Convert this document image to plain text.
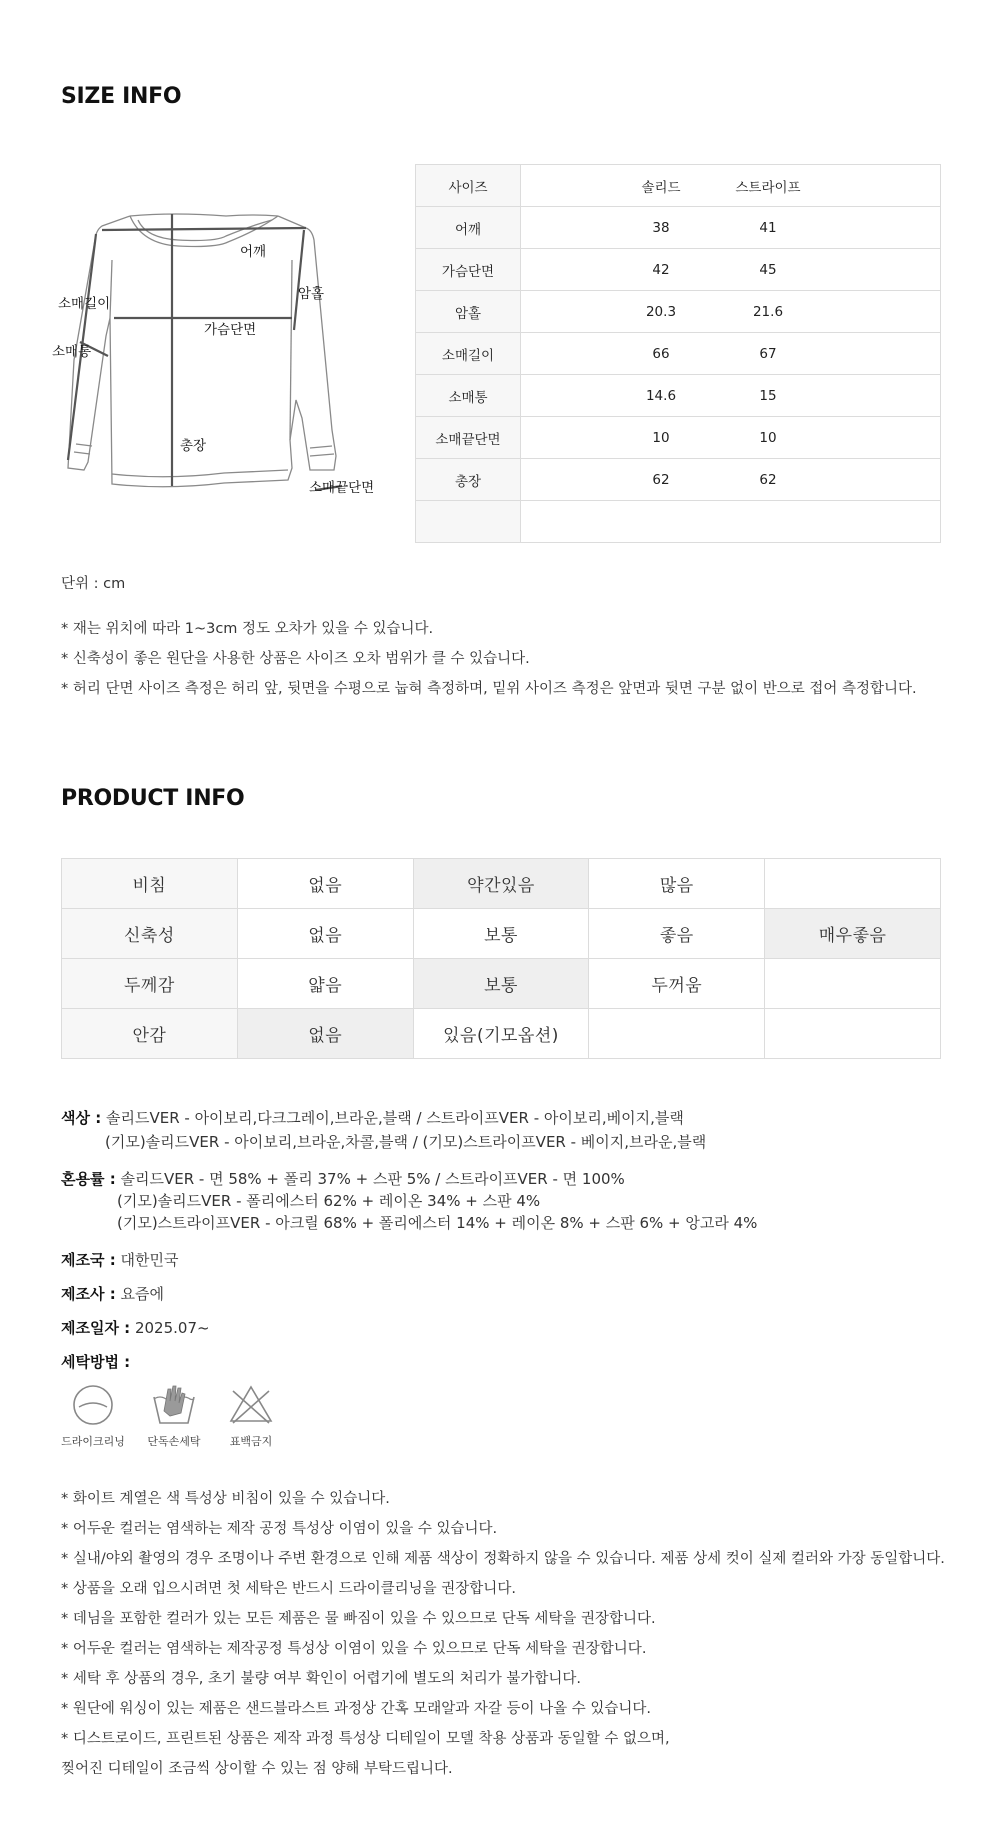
SIZE INFO
어깨
암홀
소매길이
가슴단면
소매통
총장
소매끝단면
사이즈	솔리드 스트라이프

어깨	38 41

가슴단면	42 45

암홀	20.3 21.6

소매길이	66 67

소매통	14.6 15

소매끝단면	10 10

총장	62 62

단위 : cm
* 재는 위치에 따라 1~3cm 정도 오차가 있을 수 있습니다.
* 신축성이 좋은 원단을 사용한 상품은 사이즈 오차 범위가 클 수 있습니다.
* 허리 단면 사이즈 측정은 허리 앞, 뒷면을 수평으로 눕혀 측정하며, 밑위 사이즈 측정은 앞면과 뒷면 구분 없이 반으로 접어 측정합니다.
PRODUCT INFO
비침	없음	약간있음	많음	
신축성	없음	보통	좋음	매우좋음
두께감	얇음	보통	두꺼움	
안감	없음	있음(기모옵션)		
색상 : 솔리드VER - 아이보리,다크그레이,브라운,블랙 / 스트라이프VER - 아이보리,베이지,블랙
(기모)솔리드VER - 아이보리,브라운,차콜,블랙 / (기모)스트라이프VER - 베이지,브라운,블랙
혼용률 : 솔리드VER - 면 58% + 폴리 37% + 스판 5% / 스트라이프VER - 면 100%
(기모)솔리드VER - 폴리에스터 62% + 레이온 34% + 스판 4%
(기모)스트라이프VER - 아크릴 68% + 폴리에스터 14% + 레이온 8% + 스판 6% + 앙고라 4%
제조국 : 대한민국
제조사 : 요즘에
제조일자 : 2025.07~
세탁방법 :
드라이크리닝	단독손세탁	표백금지
* 화이트 계열은 색 특성상 비침이 있을 수 있습니다.
* 어두운 컬러는 염색하는 제작 공정 특성상 이염이 있을 수 있습니다.
* 실내/야외 촬영의 경우 조명이나 주변 환경으로 인해 제품 색상이 정확하지 않을 수 있습니다. 제품 상세 컷이 실제 컬러와 가장 동일합니다.
* 상품을 오래 입으시려면 첫 세탁은 반드시 드라이클리닝을 권장합니다.
* 데님을 포함한 컬러가 있는 모든 제품은 물 빠짐이 있을 수 있으므로 단독 세탁을 권장합니다.
* 어두운 컬러는 염색하는 제작공정 특성상 이염이 있을 수 있으므로 단독 세탁을 권장합니다.
* 세탁 후 상품의 경우, 초기 불량 여부 확인이 어렵기에 별도의 처리가 불가합니다.
* 원단에 워싱이 있는 제품은 샌드블라스트 과정상 간혹 모래알과 자갈 등이 나올 수 있습니다.
* 디스트로이드, 프린트된 상품은 제작 과정 특성상 디테일이 모델 착용 상품과 동일할 수 없으며,
찢어진 디테일이 조금씩 상이할 수 있는 점 양해 부탁드립니다.
